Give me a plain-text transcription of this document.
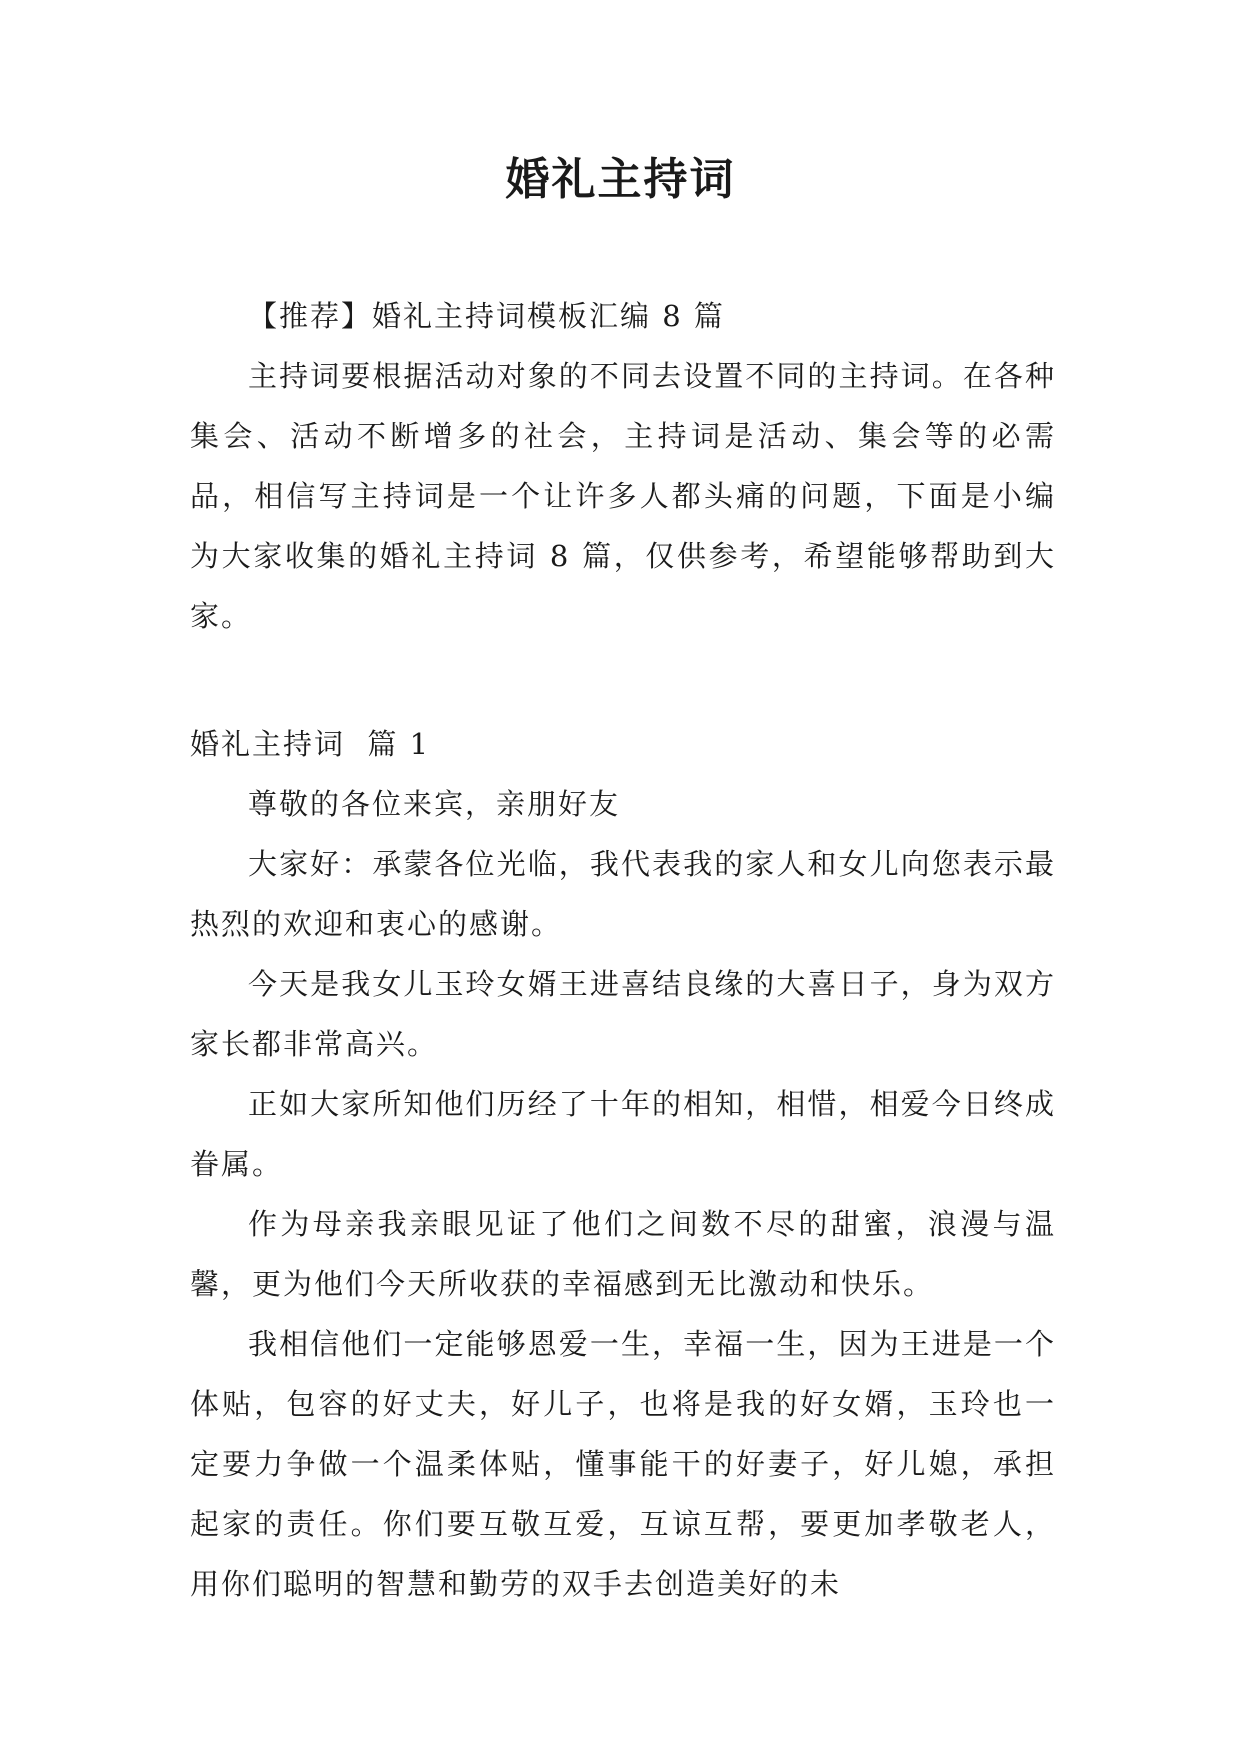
婚礼主持词

【推荐】婚礼主持词模板汇编 8 篇

主持词要根据活动对象的不同去设置不同的主持词。在各种集会、活动不断增多的社会，主持词是活动、集会等的必需品，相信写主持词是一个让许多人都头痛的问题，下面是小编为大家收集的婚礼主持词 8 篇，仅供参考，希望能够帮助到大家。

婚礼主持词  篇 1

尊敬的各位来宾，亲朋好友

大家好：承蒙各位光临，我代表我的家人和女儿向您表示最热烈的欢迎和衷心的感谢。

今天是我女儿玉玲女婿王进喜结良缘的大喜日子，身为双方家长都非常高兴。

正如大家所知他们历经了十年的相知，相惜，相爱今日终成眷属。

作为母亲我亲眼见证了他们之间数不尽的甜蜜，浪漫与温馨，更为他们今天所收获的幸福感到无比激动和快乐。

我相信他们一定能够恩爱一生，幸福一生，因为王进是一个体贴，包容的好丈夫，好儿子，也将是我的好女婿，玉玲也一定要力争做一个温柔体贴，懂事能干的好妻子，好儿媳，承担起家的责任。你们要互敬互爱，互谅互帮，要更加孝敬老人，用你们聪明的智慧和勤劳的双手去创造美好的未
